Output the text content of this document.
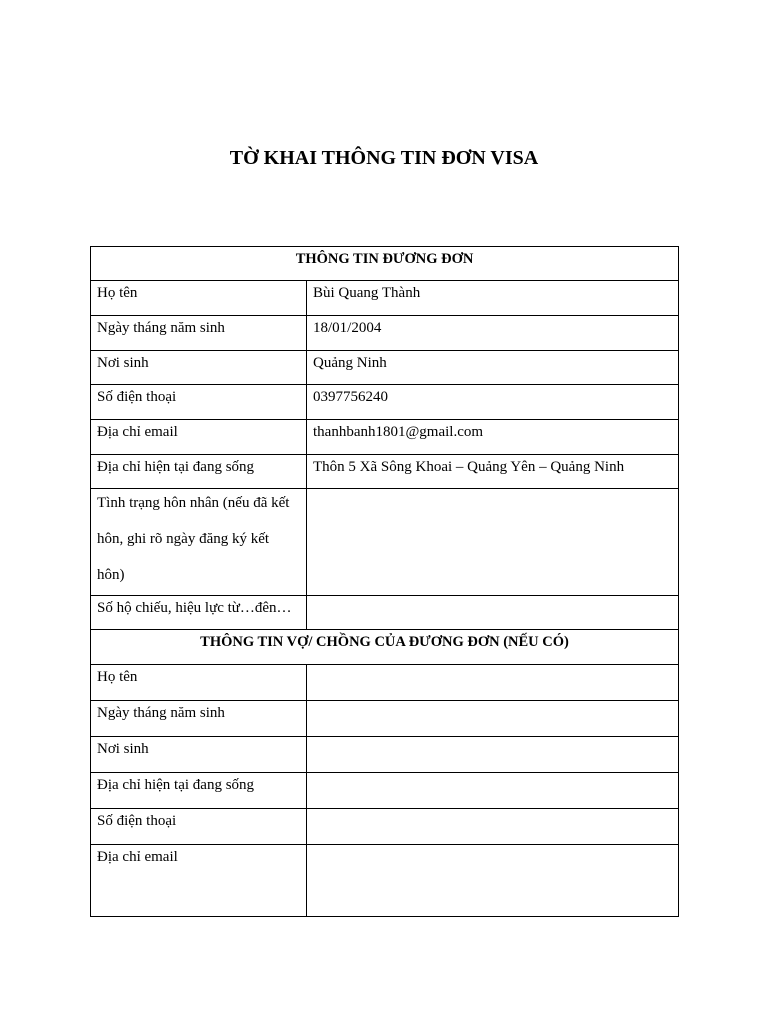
TỜ KHAI THÔNG TIN ĐƠN VISA
THÔNG TIN ĐƯƠNG ĐƠN	

Họ tên	Bùi Quang Thành

Ngày tháng năm sinh	18/01/2004

Nơi sinh	Quảng Ninh

Số điện thoại	0397756240

Địa chỉ email	thanhbanh1801@gmail.com

Địa chỉ hiện tại đang sống	Thôn 5 Xã Sông Khoai – Quảng Yên – Quảng Ninh

Tình trạng hôn nhân (nếu đã kết hôn, ghi rõ ngày đăng ký kết hôn)	

Số hộ chiếu, hiệu lực từ…đên…	

THÔNG TIN VỢ/ CHỒNG CỦA ĐƯƠNG ĐƠN (NẾU CÓ)	

Họ tên	

Ngày tháng năm sinh	

Nơi sinh	

Địa chỉ hiện tại đang sống	

Số điện thoại	

Địa chỉ email	
